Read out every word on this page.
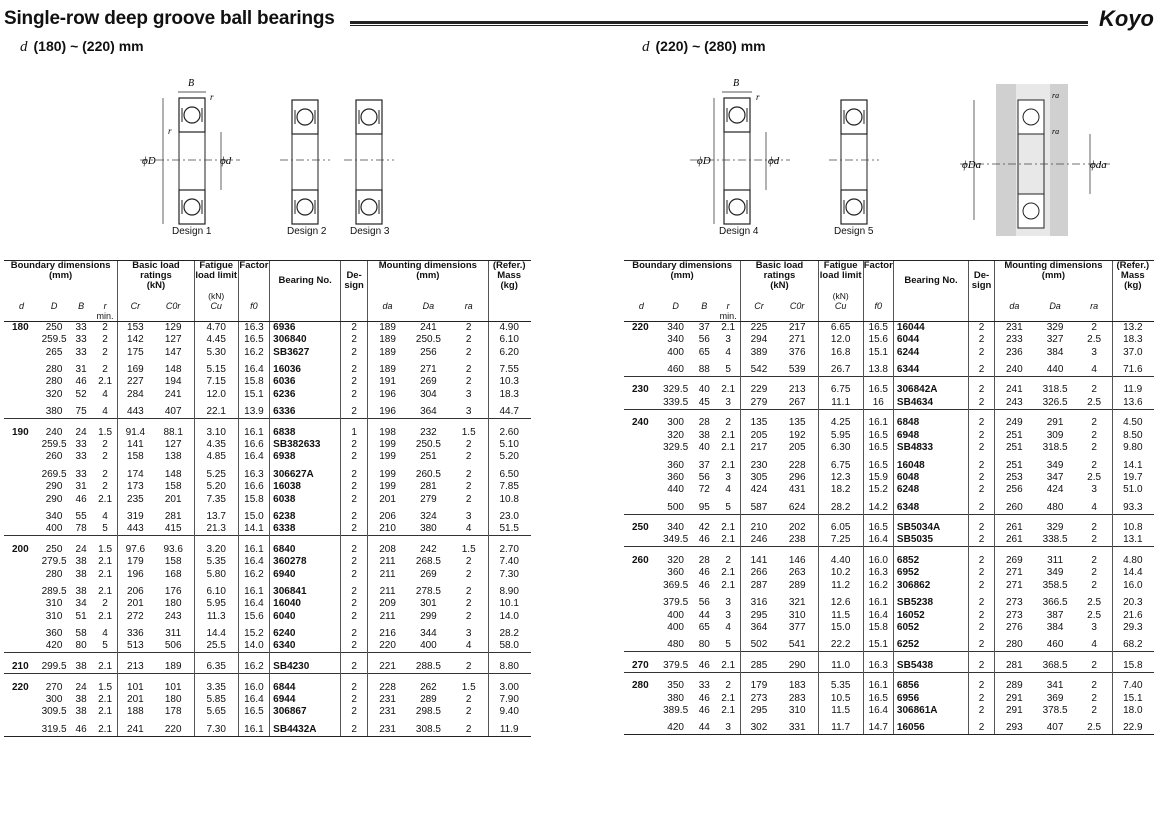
Single-row deep groove ball bearings	Koyo
d (180) ~ (220) mm	d (220) ~ (280) mm
ϕD	ϕd
B
r
r
ϕD	ϕd
B
r
ϕDa	ϕda
ra
ra
Design 1	Design 2 Design 3	Design 4	Design 5
Boundary dimensions
(mm)				Basic load ratings
(kN)		Fatigue
load limit	Factor	Bearing No.	De-
sign	Mounting dimensions
(mm)			(Refer.)
Mass
(kg)	
						(kN)								
d	D	B	r
min.	Cr	C0r	Cu	f0			da	Da	ra		
180	250	33	2	153	129	4.70	16.3	6936	2	189	241	2	4.90	
	259.5	33	2	142	127	4.45	16.5	306840	2	189	250.5	2	6.10	
	265	33	2	175	147	5.30	16.2	SB3627	2	189	256	2	6.20	

	280	31	2	169	148	5.15	16.4	16036	2	189	271	2	7.55	
	280	46	2.1	227	194	7.15	15.8	6036	2	191	269	2	10.3	
	320	52	4	284	241	12.0	15.1	6236	2	196	304	3	18.3	

	380	75	4	443	407	22.1	13.9	6336	2	196	364	3	44.7	

190	240	24	1.5	91.4	88.1	3.10	16.1	6838	1	198	232	1.5	2.60	
	259.5	33	2	141	127	4.35	16.6	SB382633	2	199	250.5	2	5.10	
	260	33	2	158	138	4.85	16.4	6938	2	199	251	2	5.20	

	269.5	33	2	174	148	5.25	16.3	306627A	2	199	260.5	2	6.50	
	290	31	2	173	158	5.20	16.6	16038	2	199	281	2	7.85	
	290	46	2.1	235	201	7.35	15.8	6038	2	201	279	2	10.8	

	340	55	4	319	281	13.7	15.0	6238	2	206	324	3	23.0	
	400	78	5	443	415	21.3	14.1	6338	2	210	380	4	51.5	

200	250	24	1.5	97.6	93.6	3.20	16.1	6840	2	208	242	1.5	2.70	
	279.5	38	2.1	179	158	5.35	16.4	360278	2	211	268.5	2	7.40	
	280	38	2.1	196	168	5.80	16.2	6940	2	211	269	2	7.30	

	289.5	38	2.1	206	176	6.10	16.1	306841	2	211	278.5	2	8.90	
	310	34	2	201	180	5.95	16.4	16040	2	209	301	2	10.1	
	310	51	2.1	272	243	11.3	15.6	6040	2	211	299	2	14.0	

	360	58	4	336	311	14.4	15.2	6240	2	216	344	3	28.2	
	420	80	5	513	506	25.5	14.0	6340	2	220	400	4	58.0	

210	299.5	38	2.1	213	189	6.35	16.2	SB4230	2	221	288.5	2	8.80	

220	270	24	1.5	101	101	3.35	16.0	6844	2	228	262	1.5	3.00	
	300	38	2.1	201	180	5.85	16.4	6944	2	231	289	2	7.90	
	309.5	38	2.1	188	178	5.65	16.5	306867	2	231	298.5	2	9.40	

	319.5	46	2.1	241	220	7.30	16.1	SB4432A	2	231	308.5	2	11.9	
Boundary dimensions
(mm)				Basic load ratings
(kN)		Fatigue
load limit	Factor	Bearing No.	De-
sign	Mounting dimensions
(mm)			(Refer.)
Mass
(kg)	
						(kN)								
d	D	B	r
min.	Cr	C0r	Cu	f0			da	Da	ra		
220	340	37	2.1	225	217	6.65	16.5	16044	2	231	329	2	13.2	
	340	56	3	294	271	12.0	15.6	6044	2	233	327	2.5	18.3	
	400	65	4	389	376	16.8	15.1	6244	2	236	384	3	37.0	

	460	88	5	542	539	26.7	13.8	6344	2	240	440	4	71.6	

230	329.5	40	2.1	229	213	6.75	16.5	306842A	2	241	318.5	2	11.9	
	339.5	45	3	279	267	11.1	16	SB4634	2	243	326.5	2.5	13.6	

240	300	28	2	135	135	4.25	16.1	6848	2	249	291	2	4.50	
	320	38	2.1	205	192	5.95	16.5	6948	2	251	309	2	8.50	
	329.5	40	2.1	217	205	6.30	16.5	SB4833	2	251	318.5	2	9.80	

	360	37	2.1	230	228	6.75	16.5	16048	2	251	349	2	14.1	
	360	56	3	305	296	12.3	15.9	6048	2	253	347	2.5	19.7	
	440	72	4	424	431	18.2	15.2	6248	2	256	424	3	51.0	

	500	95	5	587	624	28.2	14.2	6348	2	260	480	4	93.3	

250	340	42	2.1	210	202	6.05	16.5	SB5034A	2	261	329	2	10.8	
	349.5	46	2.1	246	238	7.25	16.4	SB5035	2	261	338.5	2	13.1	

260	320	28	2	141	146	4.40	16.0	6852	2	269	311	2	4.80	
	360	46	2.1	266	263	10.2	16.3	6952	2	271	349	2	14.4	
	369.5	46	2.1	287	289	11.2	16.2	306862	2	271	358.5	2	16.0	

	379.5	56	3	316	321	12.6	16.1	SB5238	2	273	366.5	2.5	20.3	
	400	44	3	295	310	11.5	16.4	16052	2	273	387	2.5	21.6	
	400	65	4	364	377	15.0	15.8	6052	2	276	384	3	29.3	

	480	80	5	502	541	22.2	15.1	6252	2	280	460	4	68.2	

270	379.5	46	2.1	285	290	11.0	16.3	SB5438	2	281	368.5	2	15.8	

280	350	33	2	179	183	5.35	16.1	6856	2	289	341	2	7.40	
	380	46	2.1	273	283	10.5	16.5	6956	2	291	369	2	15.1	
	389.5	46	2.1	295	310	11.5	16.4	306861A	2	291	378.5	2	18.0	

	420	44	3	302	331	11.7	14.7	16056	2	293	407	2.5	22.9	
